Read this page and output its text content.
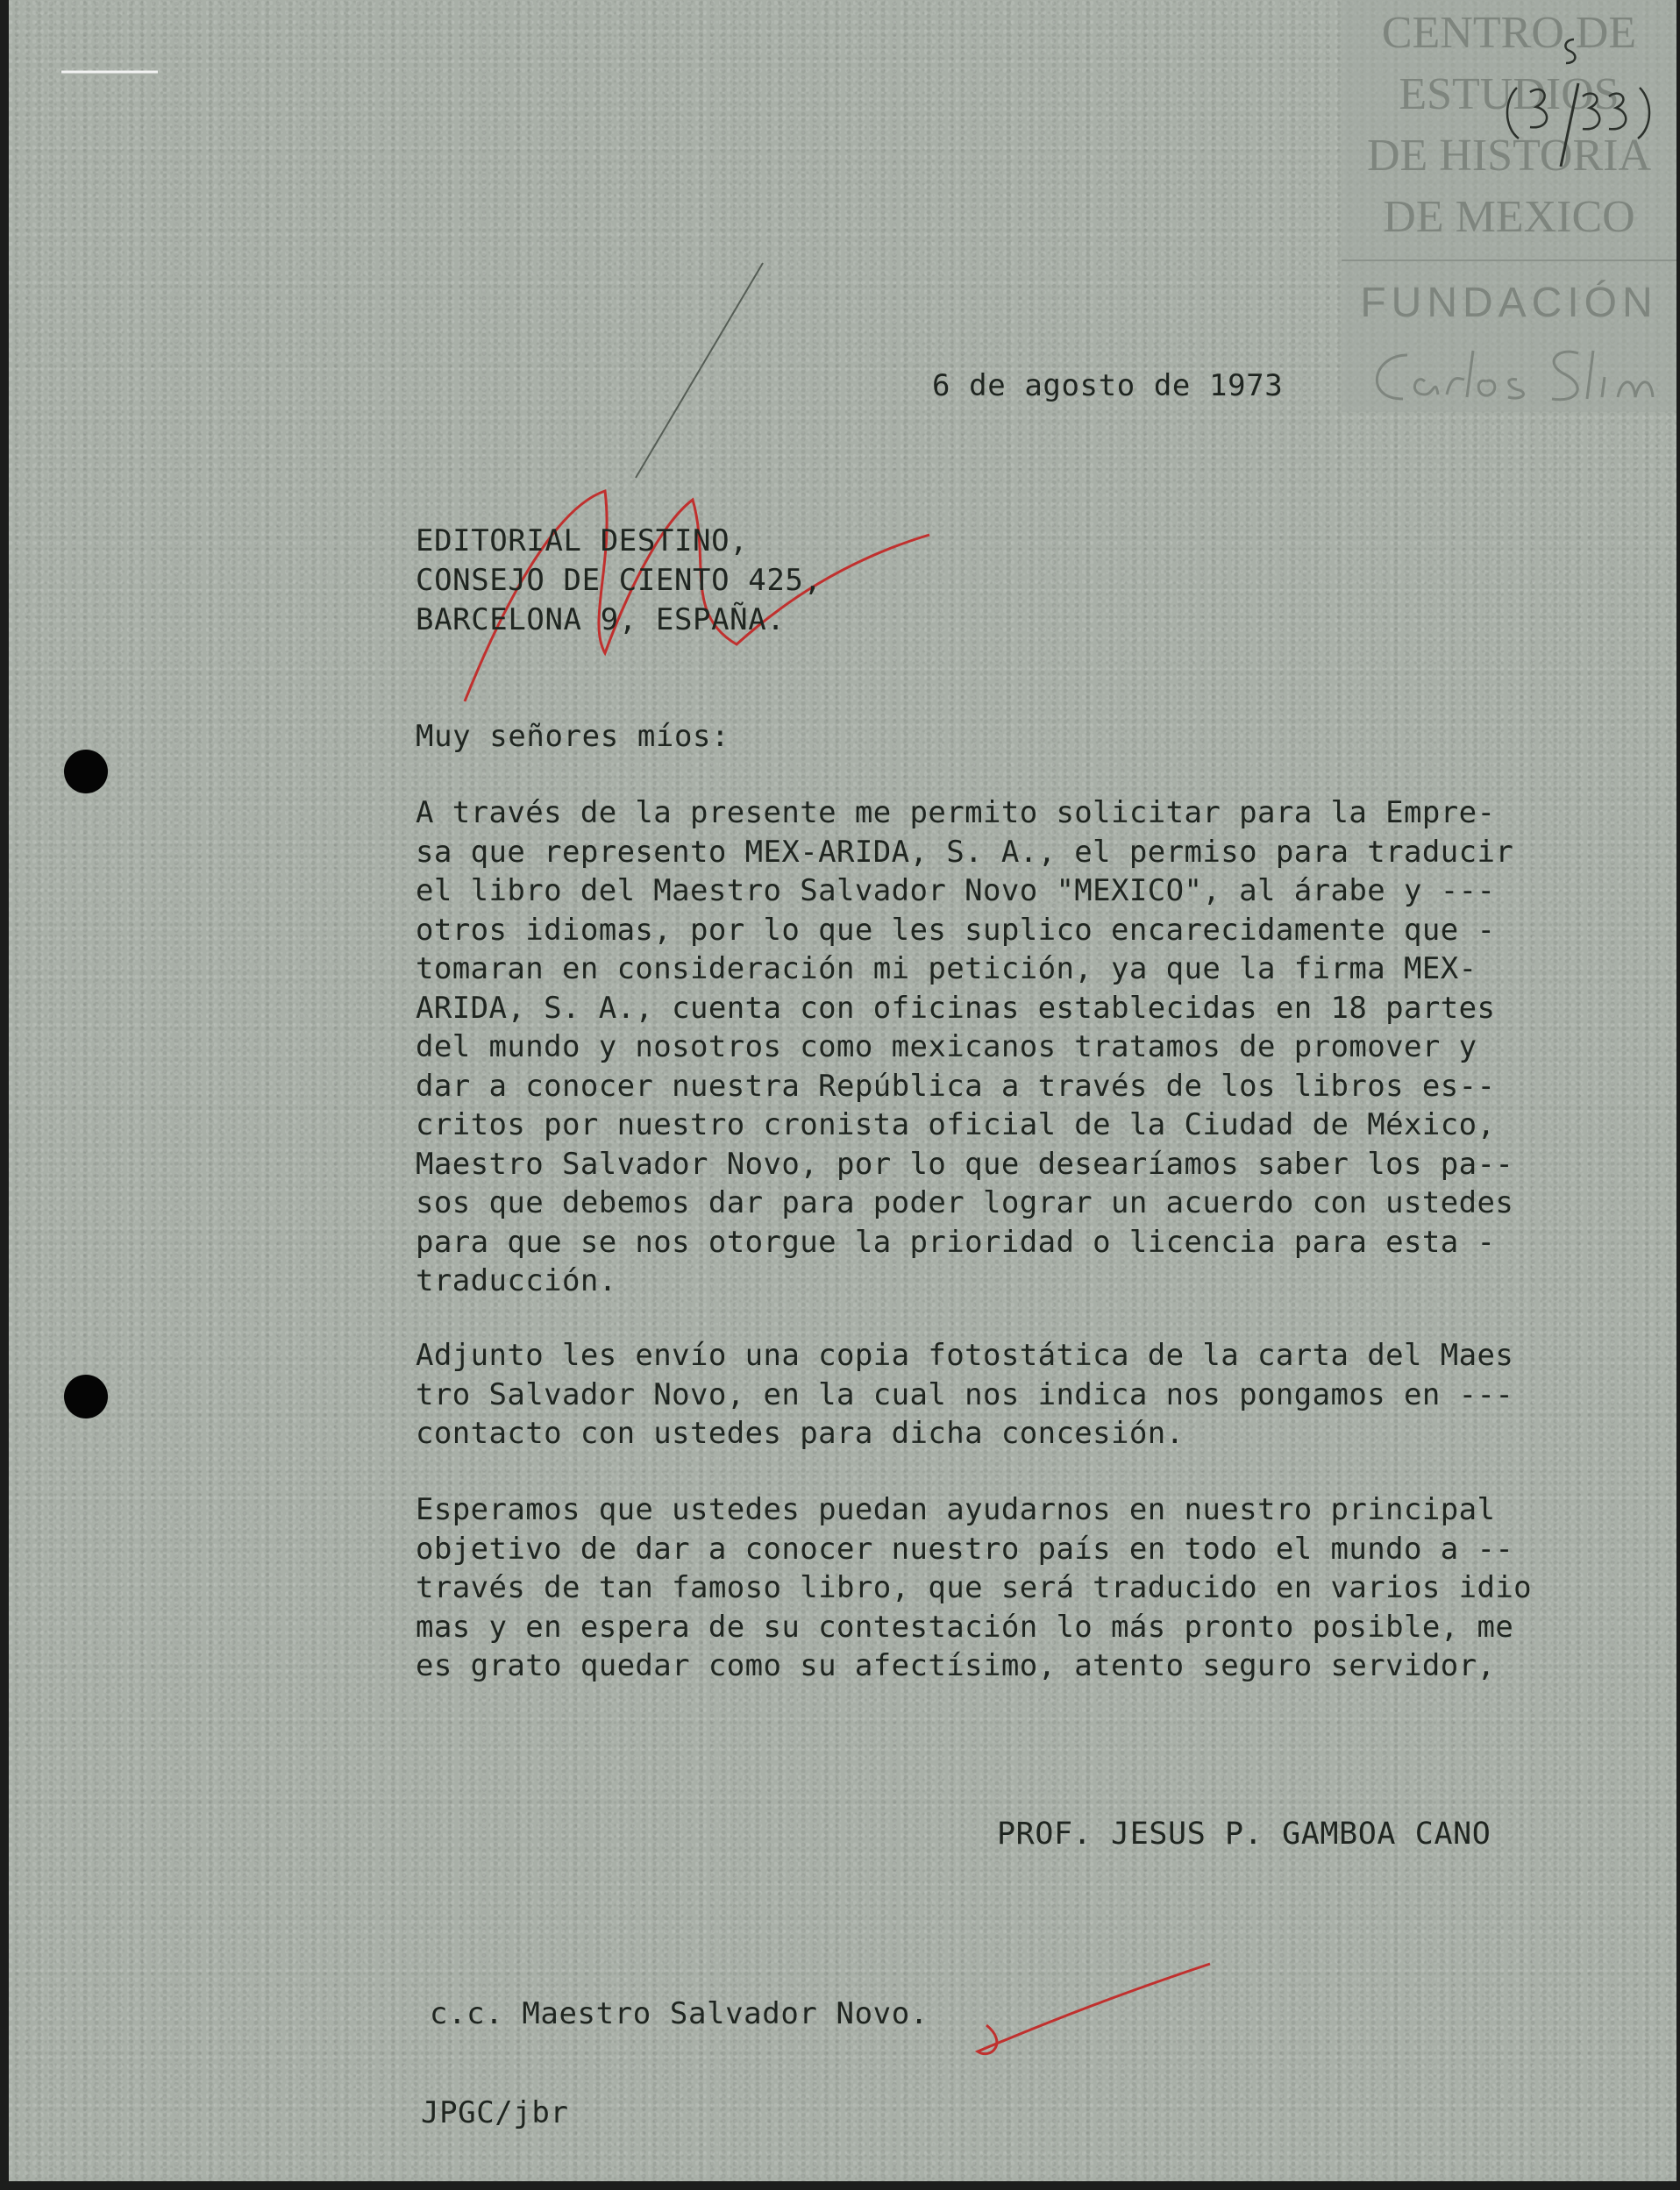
CENTRO DE
ESTUDIOS
DE HISTORIA
DE MEXICO
FUNDACIÓN
6 de agosto de 1973
EDITORIAL DESTINO,
CONSEJO DE CIENTO 425,
BARCELONA 9, ESPAÑA.
Muy señores míos:
A través de la presente me permito solicitar para la Empre-
sa que represento MEX-ARIDA, S. A., el permiso para traducir
el libro del Maestro Salvador Novo "MEXICO", al árabe y ---
otros idiomas, por lo que les suplico encarecidamente que -
tomaran en consideración mi petición, ya que la firma MEX-
ARIDA, S. A., cuenta con oficinas establecidas en 18 partes
del mundo y nosotros como mexicanos tratamos de promover y
dar a conocer nuestra República a través de los libros es--
critos por nuestro cronista oficial de la Ciudad de México,
Maestro Salvador Novo, por lo que desearíamos saber los pa--
sos que debemos dar para poder lograr un acuerdo con ustedes
para que se nos otorgue la prioridad o licencia para esta -
traducción.
Adjunto les envío una copia fotostática de la carta del Maes
tro Salvador Novo, en la cual nos indica nos pongamos en ---
contacto con ustedes para dicha concesión.
Esperamos que ustedes puedan ayudarnos en nuestro principal
objetivo de dar a conocer nuestro país en todo el mundo a --
través de tan famoso libro, que será traducido en varios idio
mas y en espera de su contestación lo más pronto posible, me
es grato quedar como su afectísimo, atento seguro servidor,
PROF. JESUS P. GAMBOA CANO
c.c. Maestro Salvador Novo.
JPGC/jbr
